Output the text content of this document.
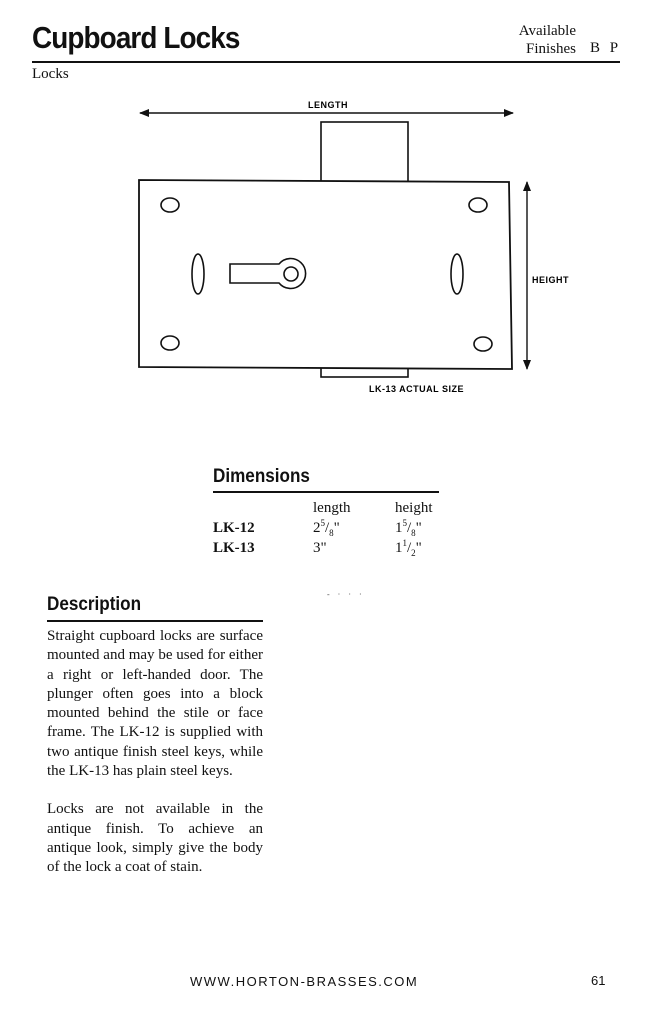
Cupboard Locks	Available
Finishes B P
Locks
LENGTH
HEIGHT
LK-13 ACTUAL SIZE
Dimensions
	length	height
LK-12	$2^5/_8$"	$1^5/_8$"
LK-13	3"	$1^1/_2$"
- · · ·
Description

Straight cupboard locks are surface mounted and may be used for either a right or left-handed door. The plunger often goes into a block mounted behind the stile or face frame. The LK-12 is supplied with two antique finish steel keys, while the LK-13 has plain steel keys.

Locks are not available in the antique finish. To achieve an antique look, simply give the body of the lock a coat of stain.

WWW.HORTON-BRASSES.COM	61
